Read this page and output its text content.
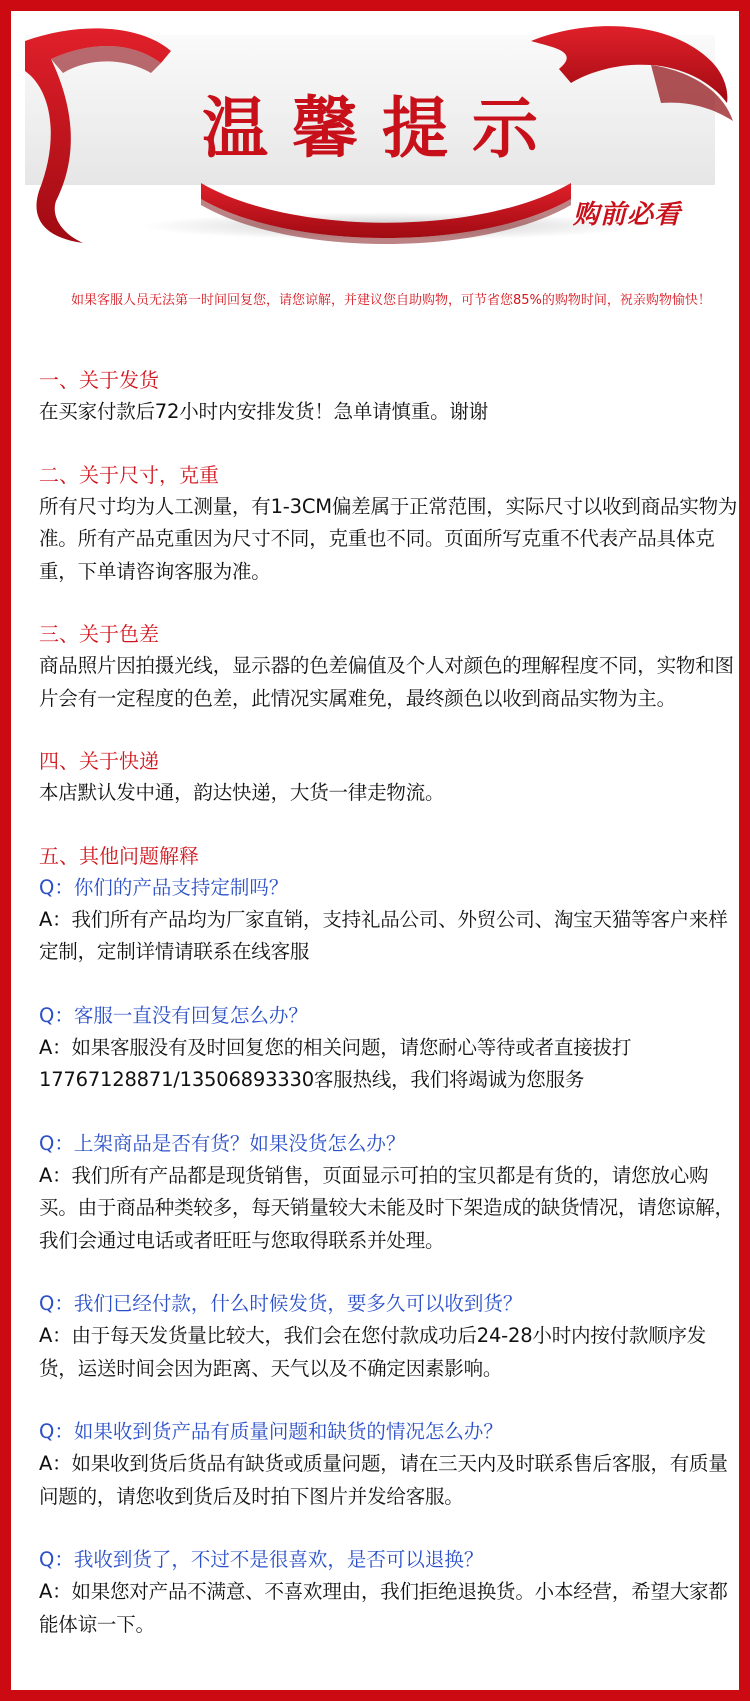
温馨提示
购前必看
如果客服人员无法第一时间回复您，请您谅解，并建议您自助购物，可节省您85%的购物时间，祝亲购物愉快！
一、关于发货
在买家付款后72小时内安排发货！急单请慎重。谢谢
二、关于尺寸，克重
所有尺寸均为人工测量，有1-3CM偏差属于正常范围，实际尺寸以收到商品实物为准。所有产品克重因为尺寸不同，克重也不同。页面所写克重不代表产品具体克重，下单请咨询客服为准。
三、关于色差
商品照片因拍摄光线，显示器的色差偏值及个人对颜色的理解程度不同，实物和图片会有一定程度的色差，此情况实属难免，最终颜色以收到商品实物为主。
四、关于快递
本店默认发中通，韵达快递，大货一律走物流。
五、其他问题解释
Q：你们的产品支持定制吗？
A：我们所有产品均为厂家直销，支持礼品公司、外贸公司、淘宝天猫等客户来样定制，定制详情请联系在线客服
Q：客服一直没有回复怎么办？
A：如果客服没有及时回复您的相关问题，请您耐心等待或者直接拔打17767128871/13506893330客服热线，我们将竭诚为您服务
Q：上架商品是否有货？如果没货怎么办？
A：我们所有产品都是现货销售，页面显示可拍的宝贝都是有货的，请您放心购买。由于商品种类较多，每天销量较大未能及时下架造成的缺货情况，请您谅解，我们会通过电话或者旺旺与您取得联系并处理。
Q：我们已经付款，什么时候发货，要多久可以收到货？
A：由于每天发货量比较大，我们会在您付款成功后24-28小时内按付款顺序发货，运送时间会因为距离、天气以及不确定因素影响。
Q：如果收到货产品有质量问题和缺货的情况怎么办？
A：如果收到货后货品有缺货或质量问题，请在三天内及时联系售后客服，有质量问题的，请您收到货后及时拍下图片并发给客服。
Q：我收到货了，不过不是很喜欢，是否可以退换？
A：如果您对产品不满意、不喜欢理由，我们拒绝退换货。小本经营，希望大家都能体谅一下。
